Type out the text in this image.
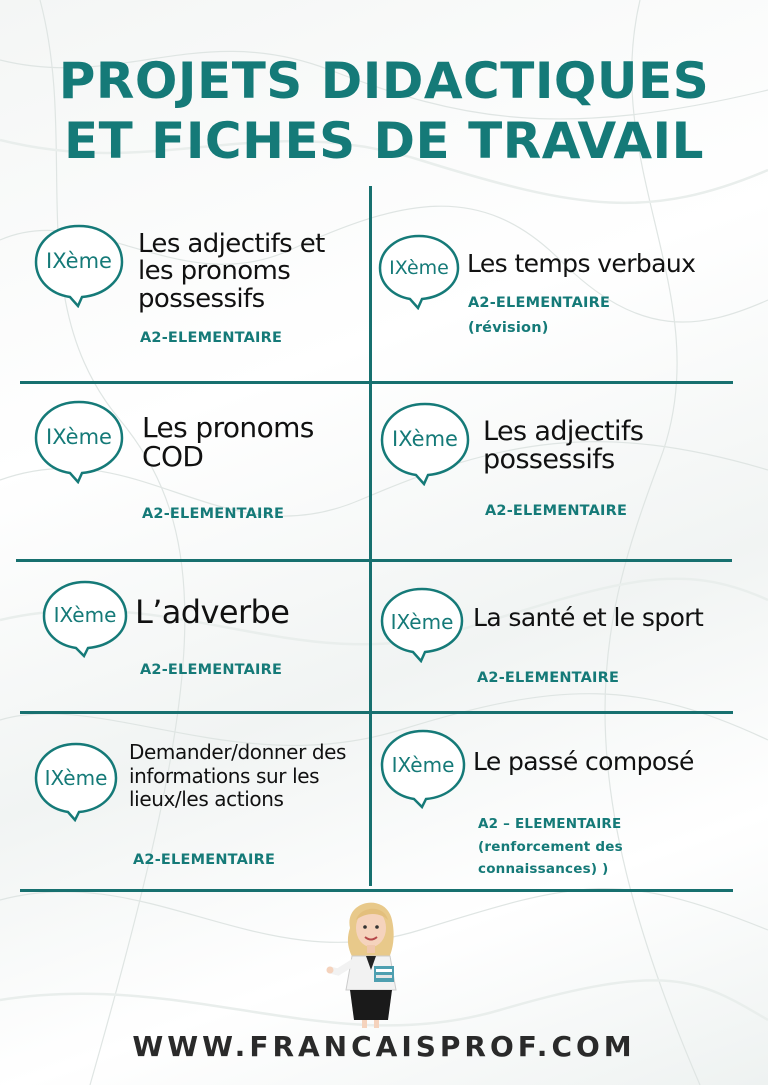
PROJETS DIDACTIQUES
ET FICHES DE TRAVAIL
IXème
Les adjectifs et les pronoms possessifs
A2-ELEMENTAIRE
IXème Les temps verbaux
A2-ELEMENTAIRE
(révision)
IXème	Les pronoms COD
A2-ELEMENTAIRE
IXème Les adjectifs possessifs
A2-ELEMENTAIRE
IXème L’adverbe
A2-ELEMENTAIRE
IXème La santé et le sport
A2-ELEMENTAIRE
IXème
Demander/donner des informations sur les lieux/les actions
A2-ELEMENTAIRE
IXème Le passé composé
A2 – ELEMENTAIRE
(renforcement des connaissances) )
WWW.FRANCAISPROF.COM
